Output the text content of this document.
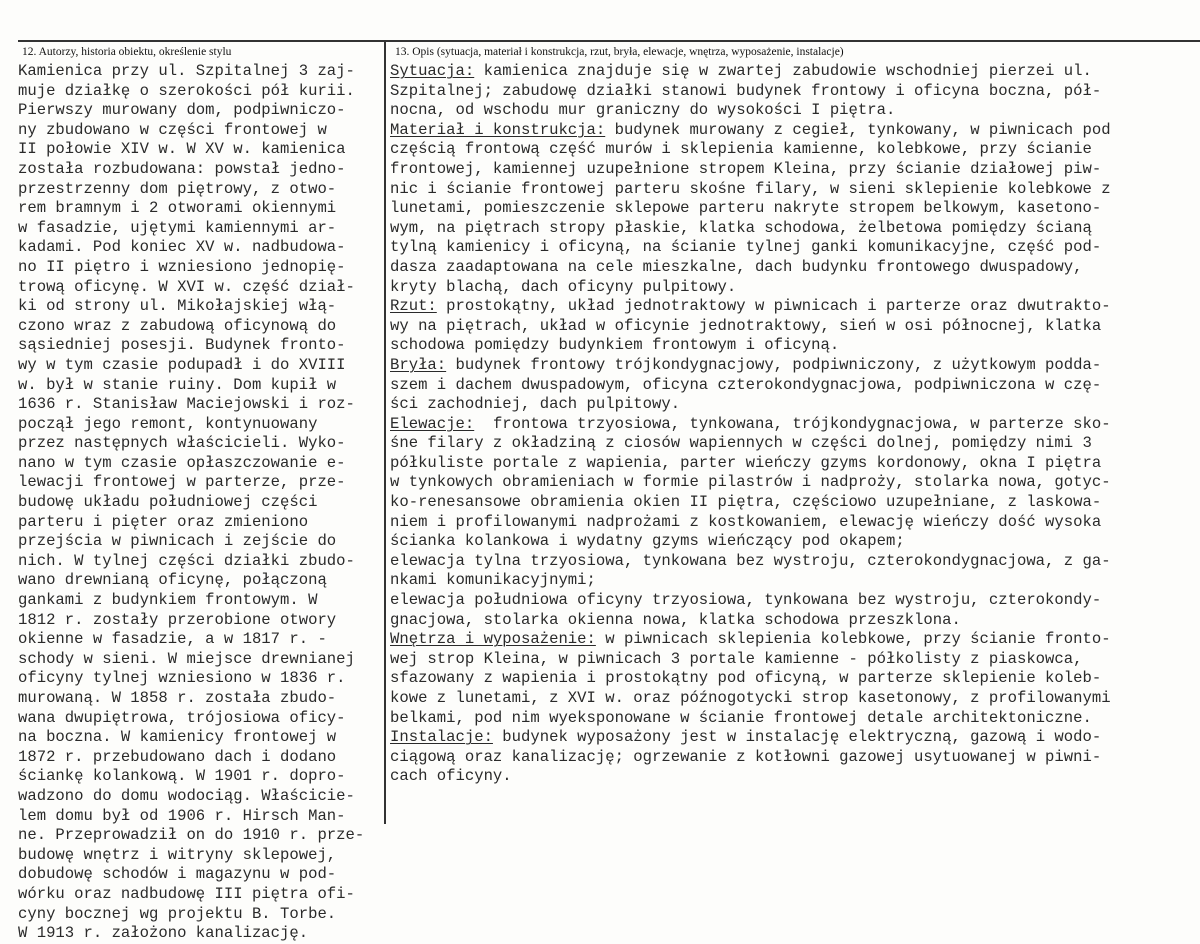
12. Autorzy, historia obiektu, określenie stylu	13. Opis (sytuacja, materiał i konstrukcja, rzut, bryła, elewacje, wnętrza, wyposażenie, instalacje)
Kamienica przy ul. Szpitalnej 3 zaj-
muje działkę o szerokości pół kurii.
Pierwszy murowany dom, podpiwniczo-
ny zbudowano w części frontowej w
II połowie XIV w. W XV w. kamienica
została rozbudowana: powstał jedno-
przestrzenny dom piętrowy, z otwo-
rem bramnym i 2 otworami okiennymi
w fasadzie, ujętymi kamiennymi ar-
kadami. Pod koniec XV w. nadbudowa-
no II piętro i wzniesiono jednopię-
trową oficynę. W XVI w. część dział-
ki od strony ul. Mikołajskiej włą-
czono wraz z zabudową oficynową do
sąsiedniej posesji. Budynek fronto-
wy w tym czasie podupadł i do XVIII
w. był w stanie ruiny. Dom kupił w
1636 r. Stanisław Maciejowski i roz-
począł jego remont, kontynuowany
przez następnych właścicieli. Wyko-
nano w tym czasie opłaszczowanie e-
lewacji frontowej w parterze, prze-
budowę układu południowej części
parteru i pięter oraz zmieniono
przejścia w piwnicach i zejście do
nich. W tylnej części działki zbudo-
wano drewnianą oficynę, połączoną
gankami z budynkiem frontowym. W
1812 r. zostały przerobione otwory
okienne w fasadzie, a w 1817 r. -
schody w sieni. W miejsce drewnianej
oficyny tylnej wzniesiono w 1836 r.
murowaną. W 1858 r. została zbudo-
wana dwupiętrowa, trójosiowa oficy-
na boczna. W kamienicy frontowej w
1872 r. przebudowano dach i dodano
ściankę kolankową. W 1901 r. dopro-
wadzono do domu wodociąg. Właściciе-
lem domu był od 1906 r. Hirsch Man-
ne. Przeprowadził on do 1910 r. prze-
budowę wnętrz i witryny sklepowej,
dobudowę schodów i magazynu w pod-
wórku oraz nadbudowę III piętra ofi-
cyny bocznej wg projektu B. Torbe.
W 1913 r. założono kanalizację.
Sytuacja: kamienica znajduje się w zwartej zabudowie wschodniej pierzei ul.
Szpitalnej; zabudowę działki stanowi budynek frontowy i oficyna boczna, pół-
nocna, od wschodu mur graniczny do wysokości I piętra.
Materiał i konstrukcja: budynek murowany z cegieł, tynkowany, w piwnicach pod
częścią frontową część murów i sklepienia kamienne, kolebkowe, przy ścianie
frontowej, kamiennej uzupełnione stropem Kleina, przy ścianie działowej piw-
nic i ścianie frontowej parteru skośne filary, w sieni sklepienie kolebkowe z
lunetami, pomieszczenie sklepowe parteru nakryte stropem belkowym, kasetono-
wym, na piętrach stropy płaskie, klatka schodowa, żelbetowa pomiędzy ścianą
tylną kamienicy i oficyną, na ścianie tylnej ganki komunikacyjne, część pod-
dasza zaadaptowana na cele mieszkalne, dach budynku frontowego dwuspadowy,
kryty blachą, dach oficyny pulpitowy.
Rzut: prostokątny, układ jednotraktowy w piwnicach i parterze oraz dwutrakto-
wy na piętrach, układ w oficynie jednotraktowy, sień w osi północnej, klatka
schodowa pomiędzy budynkiem frontowym i oficyną.
Bryła: budynek frontowy trójkondygnacjowy, podpiwniczony, z użytkowym podda-
szem i dachem dwuspadowym, oficyna czterokondygnacjowa, podpiwniczona w czę-
ści zachodniej, dach pulpitowy.
Elewacje:  frontowa trzyosiowa, tynkowana, trójkondygnacjowa, w parterze sko-
śne filary z okładziną z ciosów wapiennych w części dolnej, pomiędzy nimi 3
półkuliste portale z wapienia, parter wieńczy gzyms kordonowy, okna I piętra
w tynkowych obramieniach w formie pilastrów i nadproży, stolarka nowa, gotyc-
ko-renesansowe obramienia okien II piętra, częściowo uzupełniane, z laskowa-
niem i profilowanymi nadprożami z kostkowaniem, elewację wieńczy dość wysoka
ścianka kolankowa i wydatny gzyms wieńczący pod okapem;
elewacja tylna trzyosiowa, tynkowana bez wystroju, czterokondygnacjowa, z ga-
nkami komunikacyjnymi;
elewacja południowa oficyny trzyosiowa, tynkowana bez wystroju, czterokondy-
gnacjowa, stolarka okienna nowa, klatka schodowa przeszklona.
Wnętrza i wyposażenie: w piwnicach sklepienia kolebkowe, przy ścianie fronto-
wej strop Kleina, w piwnicach 3 portale kamienne - półkolisty z piaskowca,
sfazowany z wapienia i prostokątny pod oficyną, w parterze sklepienie koleb-
kowe z lunetami, z XVI w. oraz późnogotycki strop kasetonowy, z profilowanymi
belkami, pod nim wyeksponowane w ścianie frontowej detale architektoniczne.
Instalacje: budynek wyposażony jest w instalację elektryczną, gazową i wodo-
ciągową oraz kanalizację; ogrzewanie z kotłowni gazowej usytuowanej w piwni-
cach oficyny.
